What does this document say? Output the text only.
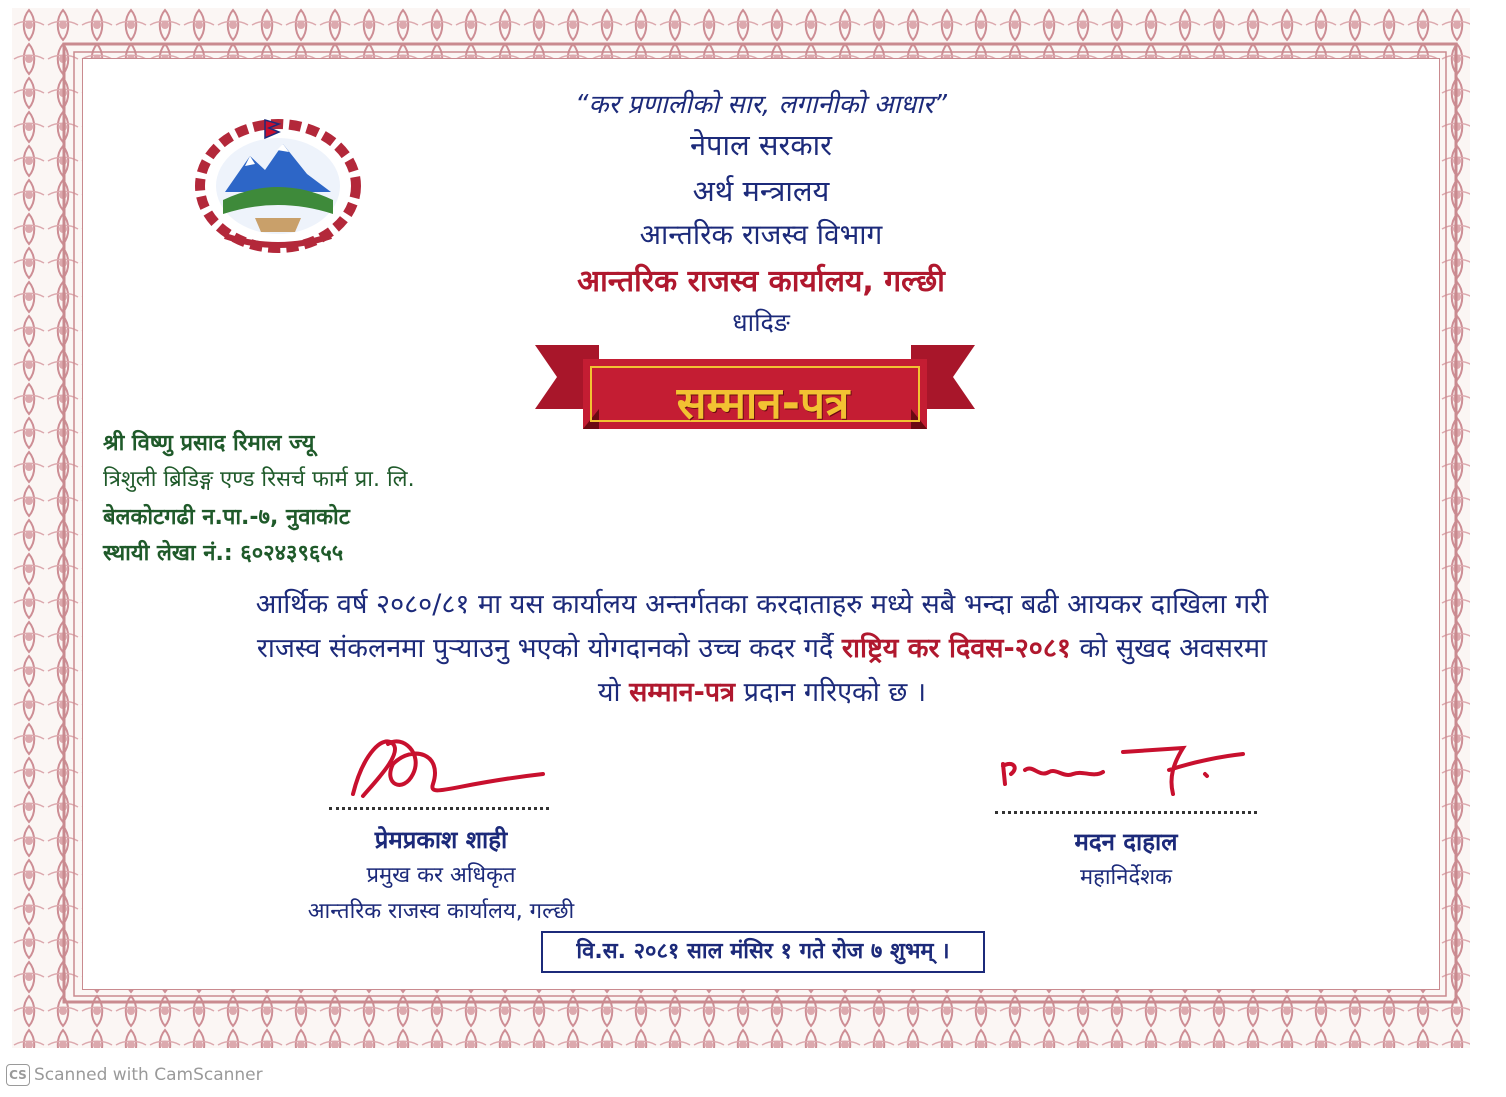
“कर प्रणालीको सार, लगानीको आधार”
नेपाल सरकार
अर्थ मन्त्रालय
आन्तरिक राजस्व विभाग
आन्तरिक राजस्व कार्यालय, गल्छी
धादिङ
सम्मान-पत्र
श्री विष्णु प्रसाद रिमाल ज्यू
त्रिशुली ब्रिडिङ्ग एण्ड रिसर्च फार्म प्रा. लि.
बेलकोटगढी न.पा.-७, नुवाकोट
स्थायी लेखा नं.: ६०२४३९६५५
आर्थिक वर्ष २०८०/८१ मा यस कार्यालय अन्तर्गतका करदाताहरु मध्ये सबै भन्दा बढी आयकर दाखिला गरी
राजस्व संकलनमा पुर्‍याउनु भएको योगदानको उच्च कदर गर्दै राष्ट्रिय कर दिवस-२०८१ को सुखद अवसरमा
यो सम्मान-पत्र प्रदान गरिएको छ ।
प्रेमप्रकाश शाही
प्रमुख कर अधिकृत
आन्तरिक राजस्व कार्यालय, गल्छी
मदन दाहाल
महानिर्देशक
वि.स. २०८१ साल मंसिर १ गते रोज ७ शुभम् ।
CS Scanned with CamScanner
